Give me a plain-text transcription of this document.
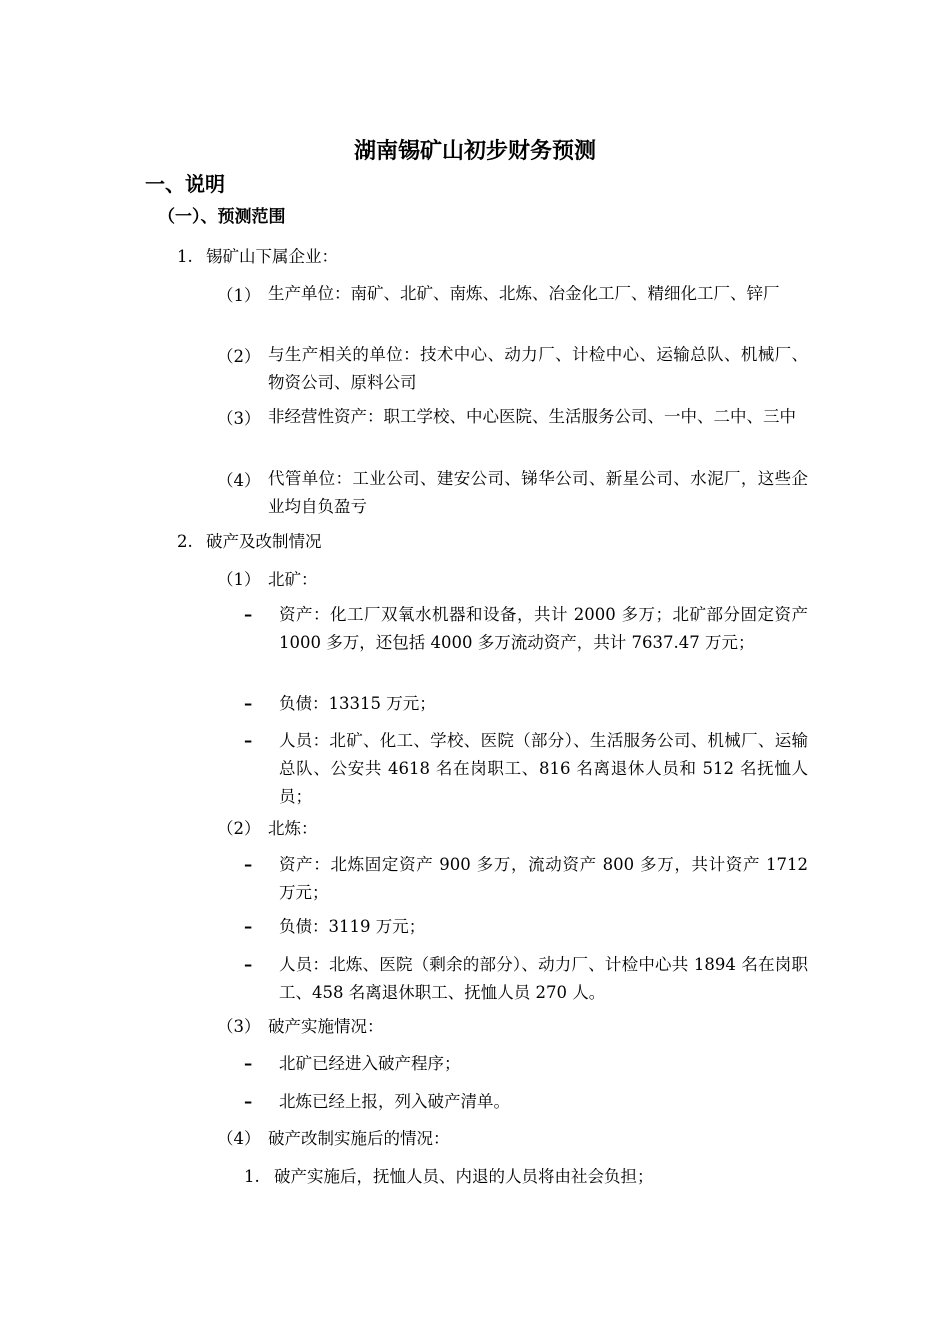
湖南锡矿山初步财务预测
一、说明
（一）、预测范围
1. 锡矿山下属企业：
（1） 生产单位：南矿、北矿、南炼、北炼、冶金化工厂、精细化工厂、锌厂
（2） 与生产相关的单位：技术中心、动力厂、计检中心、运输总队、机械厂、物资公司、原料公司
（3） 非经营性资产：职工学校、中心医院、生活服务公司、一中、二中、三中
（4） 代管单位：工业公司、建安公司、锑华公司、新星公司、水泥厂，这些企业均自负盈亏
2. 破产及改制情况
（1） 北矿：
– 资产：化工厂双氧水机器和设备，共计 2000 多万；北矿部分固定资产 1000 多万，还包括 4000 多万流动资产，共计 7637.47 万元；
– 负债：13315 万元；
– 人员：北矿、化工、学校、医院（部分）、生活服务公司、机械厂、运输总队、公安共 4618 名在岗职工、816 名离退休人员和 512 名抚恤人员；
（2） 北炼：
– 资产：北炼固定资产 900 多万，流动资产 800 多万，共计资产 1712 万元；
– 负债：3119 万元；
– 人员：北炼、医院（剩余的部分）、动力厂、计检中心共 1894 名在岗职工、458 名离退休职工、抚恤人员 270 人。
（3） 破产实施情况：
– 北矿已经进入破产程序；
– 北炼已经上报，列入破产清单。
（4） 破产改制实施后的情况：
1. 破产实施后，抚恤人员、内退的人员将由社会负担；
